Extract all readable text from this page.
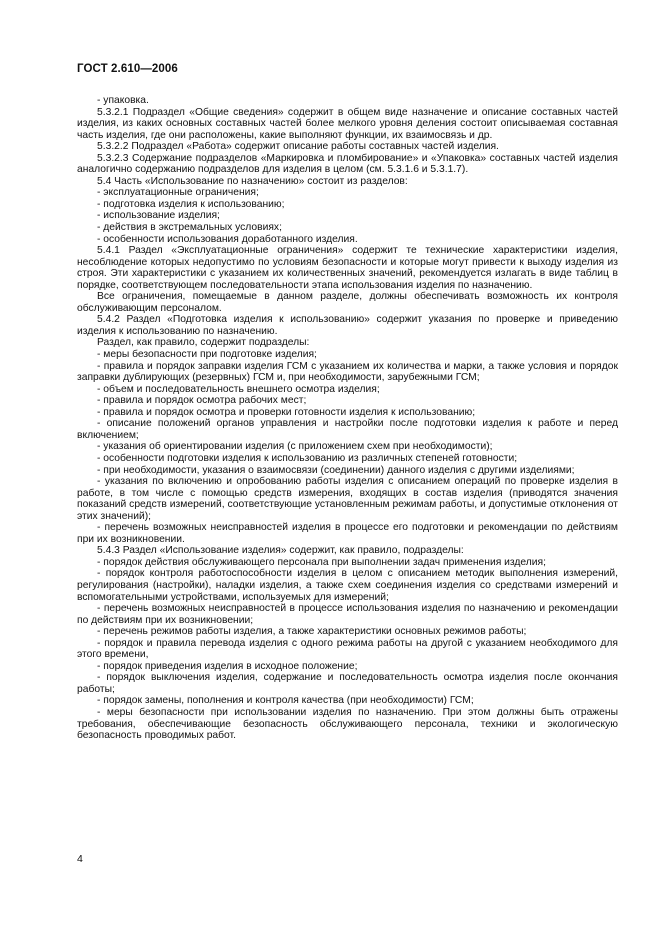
ГОСТ 2.610—2006

- упаковка.

5.3.2.1 Подраздел «Общие сведения» содержит в общем виде назначение и описание составных частей изделия, из каких основных составных частей более мелкого уровня деления состоит описываемая составная часть изделия, где они расположены, какие выполняют функции, их взаимосвязь и др.

5.3.2.2 Подраздел «Работа» содержит описание работы составных частей изделия.

5.3.2.3 Содержание подразделов «Маркировка и пломбирование» и «Упаковка» составных частей изделия аналогично содержанию подразделов для изделия в целом (см. 5.3.1.6 и 5.3.1.7).

5.4 Часть «Использование по назначению» состоит из разделов:

- эксплуатационные ограничения;

- подготовка изделия к использованию;

- использование изделия;

- действия в экстремальных условиях;

- особенности использования доработанного изделия.

5.4.1 Раздел «Эксплуатационные ограничения» содержит те технические характеристики изделия, несоблюдение которых недопустимо по условиям безопасности и которые могут привести к выходу изделия из строя. Эти характеристики с указанием их количественных значений, рекомендуется излагать в виде таблиц в порядке, соответствующем последовательности этапа использования изделия по назначению.

Все ограничения, помещаемые в данном разделе, должны обеспечивать возможность их контроля обслуживающим персоналом.

5.4.2 Раздел «Подготовка изделия к использованию» содержит указания по проверке и приведению изделия к использованию по назначению.

Раздел, как правило, содержит подразделы:

- меры безопасности при подготовке изделия;

- правила и порядок заправки изделия ГСМ с указанием их количества и марки, а также условия и порядок заправки дублирующих (резервных) ГСМ и, при необходимости, зарубежными ГСМ;

- объем и последовательность внешнего осмотра изделия;

- правила и порядок осмотра рабочих мест;

- правила и порядок осмотра и проверки готовности изделия к использованию;

- описание положений органов управления и настройки после подготовки изделия к работе и перед включением;

- указания об ориентировании изделия (с приложением схем при необходимости);

- особенности подготовки изделия к использованию из различных степеней готовности;

- при необходимости, указания о взаимосвязи (соединении) данного изделия с другими изделиями;

- указания по включению и опробованию работы изделия с описанием операций по проверке изделия в работе, в том числе с помощью средств измерения, входящих в состав изделия (приводятся значения показаний средств измерений, соответствующие установленным режимам работы, и допустимые отклонения от этих значений);

- перечень возможных неисправностей изделия в процессе его подготовки и рекомендации по действиям при их возникновении.

5.4.3 Раздел «Использование изделия» содержит, как правило, подразделы:

- порядок действия обслуживающего персонала при выполнении задач применения изделия;

- порядок контроля работоспособности изделия в целом с описанием методик выполнения измерений, регулирования (настройки), наладки изделия, а также схем соединения изделия со средствами измерений и вспомогательными устройствами, используемых для измерений;

- перечень возможных неисправностей в процессе использования изделия по назначению и рекомендации по действиям при их возникновении;

- перечень режимов работы изделия, а также характеристики основных режимов работы;

- порядок и правила перевода изделия с одного режима работы на другой с указанием необходимого для этого времени,

- порядок приведения изделия в исходное положение;

- порядок выключения изделия, содержание и последовательность осмотра изделия после окончания работы;

- порядок замены, пополнения и контроля качества (при необходимости) ГСМ;

- меры безопасности при использовании изделия по назначению. При этом должны быть отражены требования, обеспечивающие безопасность обслуживающего персонала, техники и экологическую безопасность проводимых работ.

4
